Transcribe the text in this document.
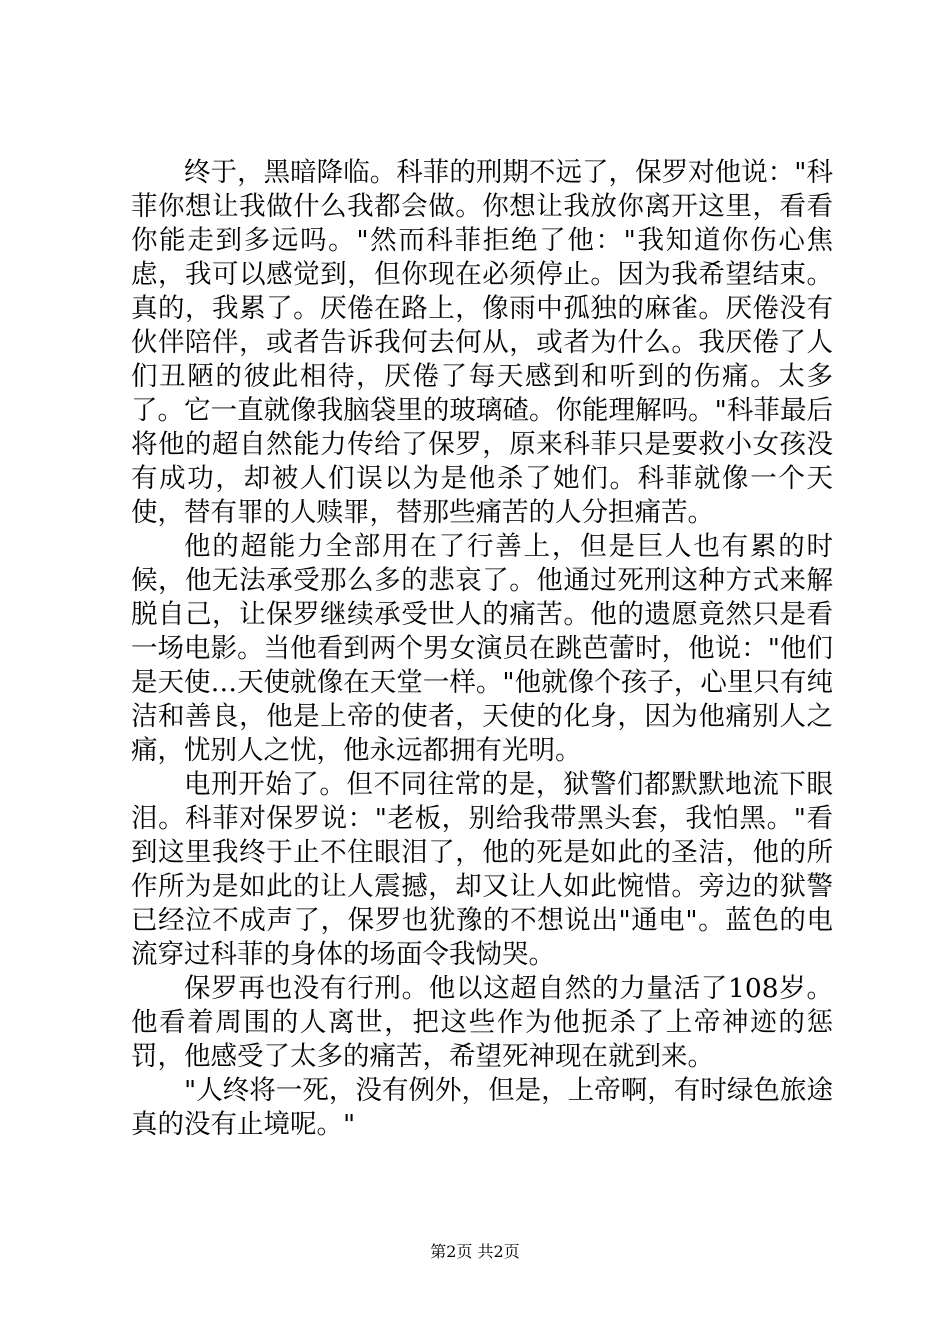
终于，黑暗降临。科菲的刑期不远了，保罗对他说："科菲你想让我做什么我都会做。你想让我放你离开这里，看看你能走到多远吗。"然而科菲拒绝了他："我知道你伤心焦虑，我可以感觉到，但你现在必须停止。因为我希望结束。真的，我累了。厌倦在路上，像雨中孤独的麻雀。厌倦没有伙伴陪伴，或者告诉我何去何从，或者为什么。我厌倦了人们丑陋的彼此相待，厌倦了每天感到和听到的伤痛。太多了。它一直就像我脑袋里的玻璃碴。你能理解吗。"科菲最后将他的超自然能力传给了保罗，原来科菲只是要救小女孩没有成功，却被人们误以为是他杀了她们。科菲就像一个天使，替有罪的人赎罪，替那些痛苦的人分担痛苦。

他的超能力全部用在了行善上，但是巨人也有累的时候，他无法承受那么多的悲哀了。他通过死刑这种方式来解脱自己，让保罗继续承受世人的痛苦。他的遗愿竟然只是看一场电影。当他看到两个男女演员在跳芭蕾时，他说："他们是天使…天使就像在天堂一样。"他就像个孩子，心里只有纯洁和善良，他是上帝的使者，天使的化身，因为他痛别人之痛，忧别人之忧，他永远都拥有光明。

电刑开始了。但不同往常的是，狱警们都默默地流下眼泪。科菲对保罗说："老板，别给我带黑头套，我怕黑。"看到这里我终于止不住眼泪了，他的死是如此的圣洁，他的所作所为是如此的让人震撼，却又让人如此惋惜。旁边的狱警已经泣不成声了，保罗也犹豫的不想说出"通电"。蓝色的电流穿过科菲的身体的场面令我恸哭。

保罗再也没有行刑。他以这超自然的力量活了108岁。他看着周围的人离世，把这些作为他扼杀了上帝神迹的惩罚，他感受了太多的痛苦，希望死神现在就到来。

"人终将一死，没有例外，但是，上帝啊，有时绿色旅途真的没有止境呢。"

第2页 共2页
